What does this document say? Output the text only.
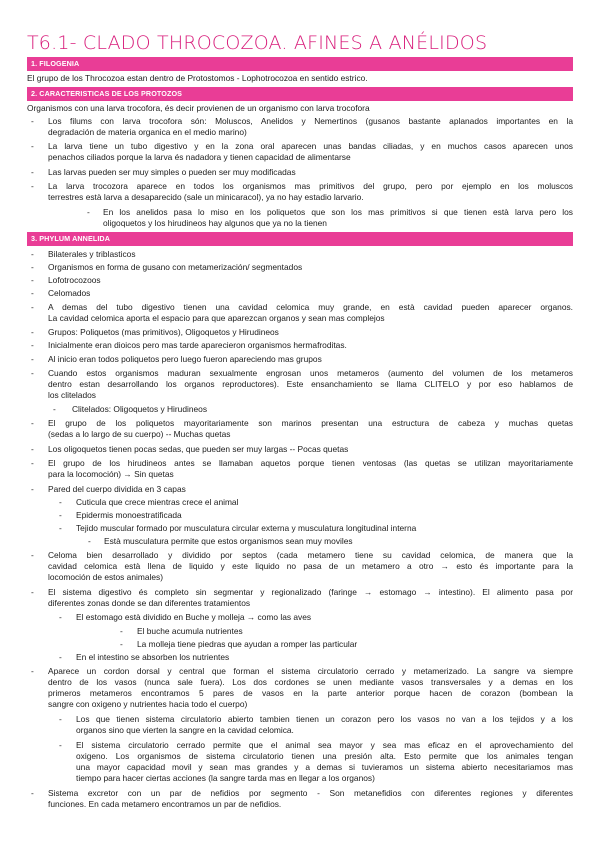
T6.1- CLADO THROCOZOA. AFINES A ANÉLIDOS
1. FILOGENIA
El grupo de los Throcozoa estan dentro de Protostomos - Lophotrocozoa en sentido estrico.
2. CARACTERISTICAS DE LOS PROTOZOS
Organismos con una larva trocofora, és decir provienen de un organismo con larva trocofora
- Los filums con larva trocofora són: Moluscos, Anelidos y Nemertinos (gusanos bastante aplanados importantes en la
degradación de materia organica en el medio marino)
- La larva tiene un tubo digestivo y en la zona oral aparecen unas bandas ciliadas, y en muchos casos aparecen unos
penachos ciliados porque la larva és nadadora y tienen capacidad de alimentarse
- Las larvas pueden ser muy simples o pueden ser muy modificadas
- La larva trocozora aparece en todos los organismos mas primitivos del grupo, pero por ejemplo en los moluscos
terrestres està larva a desaparecido (sale un minicaracol), ya no hay estadio larvario.
- En los anelidos pasa lo miso en los poliquetos que son los mas primitivos si que tienen està larva pero los
oligoquetos y los hirudineos hay algunos que ya no la tienen
3. PHYLUM ANNELIDA
- Bilaterales y triblasticos
- Organismos en forma de gusano con metamerización/ segmentados
- Lofotrocozoos
- Celomados
- A demas del tubo digestivo tienen una cavidad celomica muy grande, en està cavidad pueden aparecer organos.
La cavidad celomica aporta el espacio para que aparezcan organos y sean mas complejos
- Grupos: Poliquetos (mas primitivos), Oligoquetos y Hirudineos
- Inicialmente eran dioicos pero mas tarde aparecieron organismos hermafroditas.
- Al inicio eran todos poliquetos pero luego fueron apareciendo mas grupos
- Cuando estos organismos maduran sexualmente engrosan unos metameros (aumento del volumen de los metameros
dentro estan desarrollando los organos reproductores). Este ensanchamiento se llama CLITELO y por eso hablamos de
los clitelados
- Clitelados: Oligoquetos y Hirudineos
- El grupo de los poliquetos mayoritariamente son marinos presentan una estructura de cabeza y muchas quetas
(sedas a lo largo de su cuerpo) -- Muchas quetas
- Los oligoquetos tienen pocas sedas, que pueden ser muy largas -- Pocas quetas
- El grupo de los hirudineos antes se llamaban aquetos porque tienen ventosas (las quetas se utilizan mayoritariamente
para la locomoción) → Sin quetas
- Pared del cuerpo dividida en 3 capas
- Cuticula que crece mientras crece el animal
- Epidermis monoestratificada
- Tejido muscular formado por musculatura circular externa y musculatura longitudinal interna
- Està musculatura permite que estos organismos sean muy moviles
- Celoma bien desarrollado y dividido por septos (cada metamero tiene su cavidad celomica, de manera que la
cavidad celomica està llena de liquido y este liquido no pasa de un metamero a otro → esto és importante para la
locomoción de estos animales)
- El sistema digestivo és completo sin segmentar y regionalizado (faringe → estomago → intestino). El alimento pasa por
diferentes zonas donde se dan diferentes tratamientos
- El estomago està dividido en Buche y molleja → como las aves
- El buche acumula nutrientes
- La molleja tiene piedras que ayudan a romper las particular
- En el intestino se absorben los nutrientes
- Aparece un cordon dorsal y central que forman el sistema circulatorio cerrado y metamerizado. La sangre va siempre
dentro de los vasos (nunca sale fuera). Los dos cordones se unen mediante vasos transversales y a demas en los
primeros metameros encontramos 5 pares de vasos en la parte anterior porque hacen de corazon (bombean la
sangre con oxigeno y nutrientes hacia todo el cuerpo)
- Los que tienen sistema circulatorio abierto tambien tienen un corazon pero los vasos no van a los tejidos y a los
organos sino que vierten la sangre en la cavidad celomica.
- El sistema circulatorio cerrado permite que el animal sea mayor y sea mas eficaz en el aprovechamiento del
oxigeno. Los organismos de sistema circulatorio tienen una presión alta. Esto permite que los animales tengan
una mayor capacidad movil y sean mas grandes y a demas si tuvieramos un sistema abierto necesitariamos mas
tiempo para hacer ciertas acciones (la sangre tarda mas en llegar a los organos)
- Sistema excretor con un par de nefidios por segmento - Son metanefidios con diferentes regiones y diferentes
funciones. En cada metamero encontramos un par de nefidios.
